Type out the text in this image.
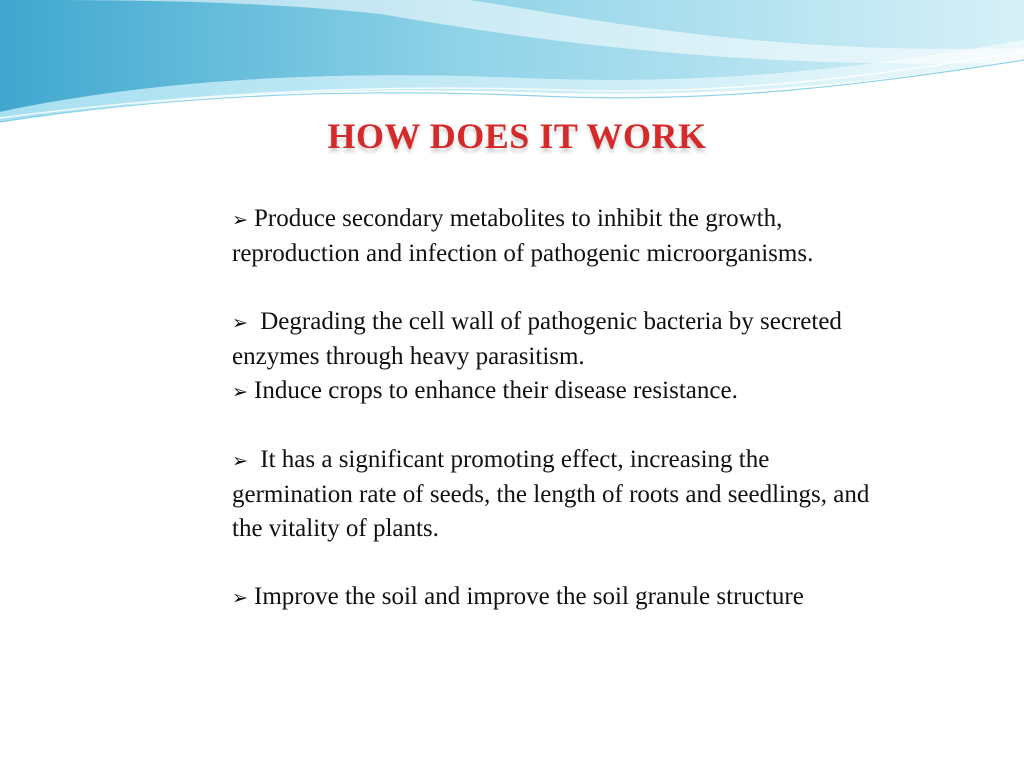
HOW DOES IT WORK

➢ Produce secondary metabolites to inhibit the growth, reproduction and infection of pathogenic microorganisms.

➢ Degrading the cell wall of pathogenic bacteria by secreted enzymes through heavy parasitism.

➢ Induce crops to enhance their disease resistance.

➢ It has a significant promoting effect, increasing the germination rate of seeds, the length of roots and seedlings, and the vitality of plants.

➢ Improve the soil and improve the soil granule structure
